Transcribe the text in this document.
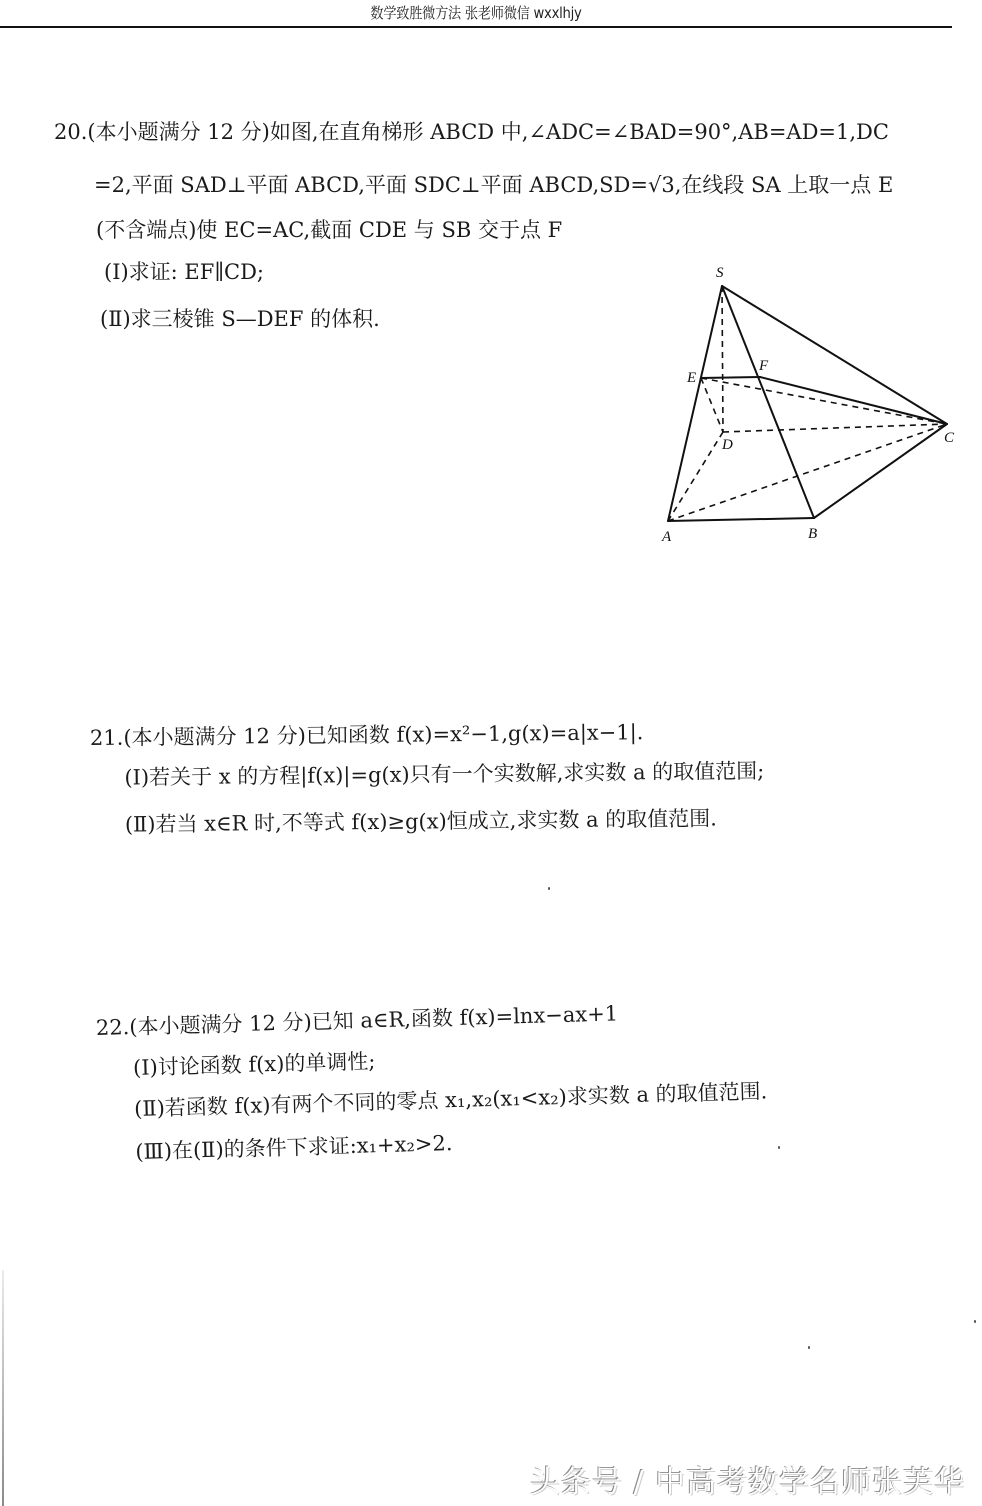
数学致胜微方法 张老师微信 wxxlhjy
20.(本小题满分 12 分)如图,在直角梯形 ABCD 中,∠ADC=∠BAD=90°,AB=AD=1,DC
=2,平面 SAD⊥平面 ABCD,平面 SDC⊥平面 ABCD,SD=√3,在线段 SA 上取一点 E
(不含端点)使 EC=AC,截面 CDE 与 SB 交于点 F
(Ⅰ)求证: EF∥CD;
(Ⅱ)求三棱锥 S—DEF 的体积.
S
E
F
D	C
A	B
21.(本小题满分 12 分)已知函数 f(x)=x²−1,g(x)=a|x−1|.
(Ⅰ)若关于 x 的方程|f(x)|=g(x)只有一个实数解,求实数 a 的取值范围;
(Ⅱ)若当 x∈R 时,不等式 f(x)≥g(x)恒成立,求实数 a 的取值范围.
22.(本小题满分 12 分)已知 a∈R,函数 f(x)=lnx−ax+1
(Ⅰ)讨论函数 f(x)的单调性;
(Ⅱ)若函数 f(x)有两个不同的零点 x₁,x₂(x₁<x₂)求实数 a 的取值范围.
(Ⅲ)在(Ⅱ)的条件下求证:x₁+x₂>2.
头条号 / 中高考数学名师张芙华
